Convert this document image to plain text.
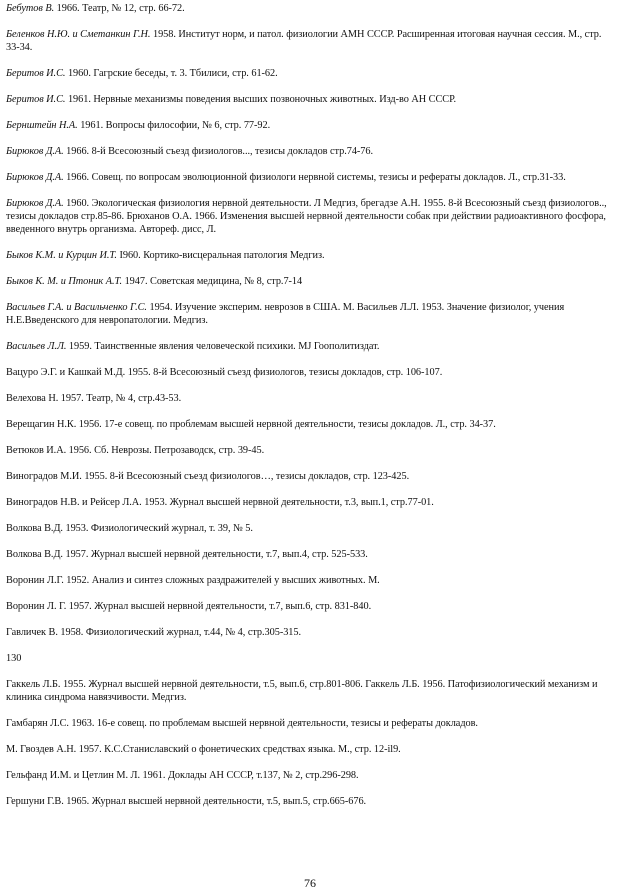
Бебутов В. 1966. Театр, № 12, стр. 66-72.

Беленков Н.Ю. и Сметанкин Г.Н. 1958. Институт норм, и патол. физиологии АМН СССР. Расширенная итоговая научная сессия. М., стр. 33-34.

Беритов И.С. 1960. Гагрские беседы, т. 3. Тбилиси, стр. 61-62.

Беритов И.С. 1961. Нервные механизмы поведения высших позвоночных животных. Изд-во АН СССР.

Бернштейн Н.А. 1961. Вопросы философии, № 6, стр. 77-92.

Бирюков Д.А. 1966. 8-й Всесоюзный съезд физиологов..., тезисы докладов стр.74-76.

Бирюков Д.А. 1966. Совещ. по вопросам эволюционной физиологи нервной системы, тезисы и рефераты докладов. Л., стр.31-33.

Бирюков Д.А. 1960. Экологическая физиология нервной деятельности. Л Медгиз, брегадзе А.Н. 1955. 8-й Всесоюзный съезд физиологов.., тезисы докладов стр.85-86. Брюханов О.А. 1966. Изменения высшей нервной деятельности собак при действии радиоактивного фосфора, введенного внутрь организма. Автореф. дисс, Л.

Быков К.М. и Курцин И.Т. I960. Кортико-висцеральная патология Медгиз.

Быков К. М. и Птоник А.Т. 1947. Советская медицина, № 8, стр.7-14

Васильев Г.А. и Васильченко Г.С. 1954. Изучение эксперим. неврозов в США. М. Васильев Л.Л. 1953. Значение физиолог, учения Н.Е.Введенского для невропатологии. Медгиз.

Васильев Л.Л. 1959. Таинственные явления человеческой психики. MJ Гоополитиздат.

Вацуро Э.Г. и Кашкай М.Д. 1955. 8-й Всесоюзный съезд физиологов, тезисы докладов, стр. 106-107.

Велехова Н. 1957. Театр, № 4, стр.43-53.

Верещагин Н.К. 1956. 17-е совещ. по проблемам высшей нервной деятельности, тезисы докладов. Л., стр. 34-37.

Ветюков И.А. 1956. Сб. Неврозы. Петрозаводск, стр. 39-45.

Виноградов М.И. 1955. 8-й Всесоюзный съезд физиологов…, тезисы докладов, стр. 123-425.

Виноградов Н.В. и Рейсер Л.А. 1953. Журнал высшей нервной деятельности, т.3, вып.1, стр.77-01.

Волкова В.Д. 1953. Физиологический журнал, т. 39, № 5.

Волкова В.Д. 1957. Журнал высшей нервной деятельности, т.7, вып.4, стр. 525-533.

Воронин Л.Г. 1952. Анализ и синтез сложных раздражителей у высших животных. М.

Воронин Л. Г. 1957. Журнал высшей нервной деятельности, т.7, вып.6, стр. 831-840.

Гавличек В. 1958. Физиологический журнал, т.44, № 4, стр.305-315.

130

Гаккель Л.Б. 1955. Журнал высшей нервной деятельности, т.5, вып.6, стр.801-806. Гаккель Л.Б. 1956. Патофизиологический механизм и клиника синдрома навязчивости. Медгиз.

Гамбарян Л.С. 1963. 16-е совещ. по проблемам высшей нервной деятельности, тезисы и рефераты докладов.

М. Гвоздев А.Н. 1957. К.С.Станиславский о фонетических средствах языка. М., стр. 12-il9.

Гельфанд И.М. и Цетлин М. Л. 1961. Доклады АН СССР, т.137, № 2, стр.296-298.

Гершуни Г.В. 1965. Журнал высшей нервной деятельности, т.5, вып.5, стр.665-676.

76
